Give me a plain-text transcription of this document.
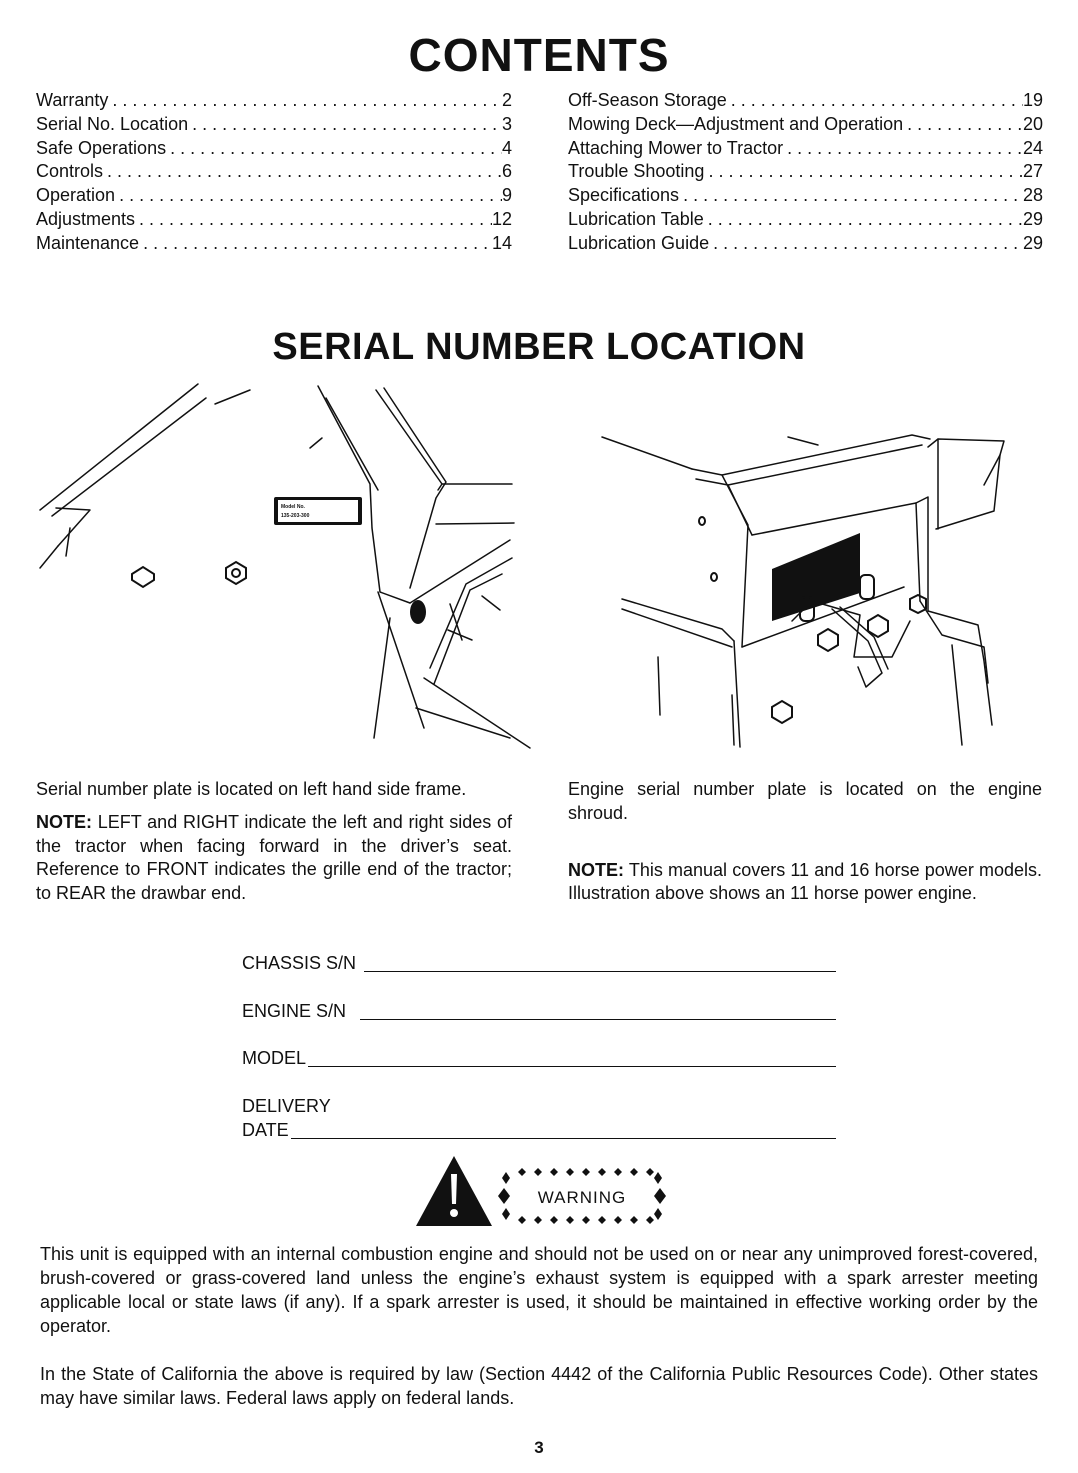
CONTENTS
Warranty . . .	2
Serial No. Location . . .	3
Safe Operations . . .	4
Controls . . .	6
Operation . . .	9
Adjustments . . .	12
Maintenance . . .	14
Off-Season Storage . . .	19
Mowing Deck—Adjustment and Operation . . .	20
Attaching Mower to Tractor . . .	24
Trouble Shooting . . .	27
Specifications . . .	28
Lubrication Table . . .	29
Lubrication Guide . . .	29
SERIAL NUMBER LOCATION
Model No.
135-203-300
Serial number plate is located on left hand side frame.
NOTE: LEFT and RIGHT indicate the left and right sides of the tractor when facing forward in the driver’s seat. Reference to FRONT indicates the grille end of the tractor; to REAR the drawbar end.
Engine serial number plate is located on the engine shroud.
NOTE: This manual covers 11 and 16 horse power models. Illustration above shows an 11 horse power engine.
CHASSIS S/N
ENGINE S/N
MODEL
DELIVERY
DATE
WARNING
This unit is equipped with an internal combustion engine and should not be used on or near any unimproved forest-covered, brush-covered or grass-covered land unless the engine’s exhaust system is equipped with a spark arrester meeting applicable local or state laws (if any). If a spark arrester is used, it should be maintained in effective working order by the operator.
In the State of California the above is required by law (Section 4442 of the California Public Resources Code). Other states may have similar laws. Federal laws apply on federal lands.
3
